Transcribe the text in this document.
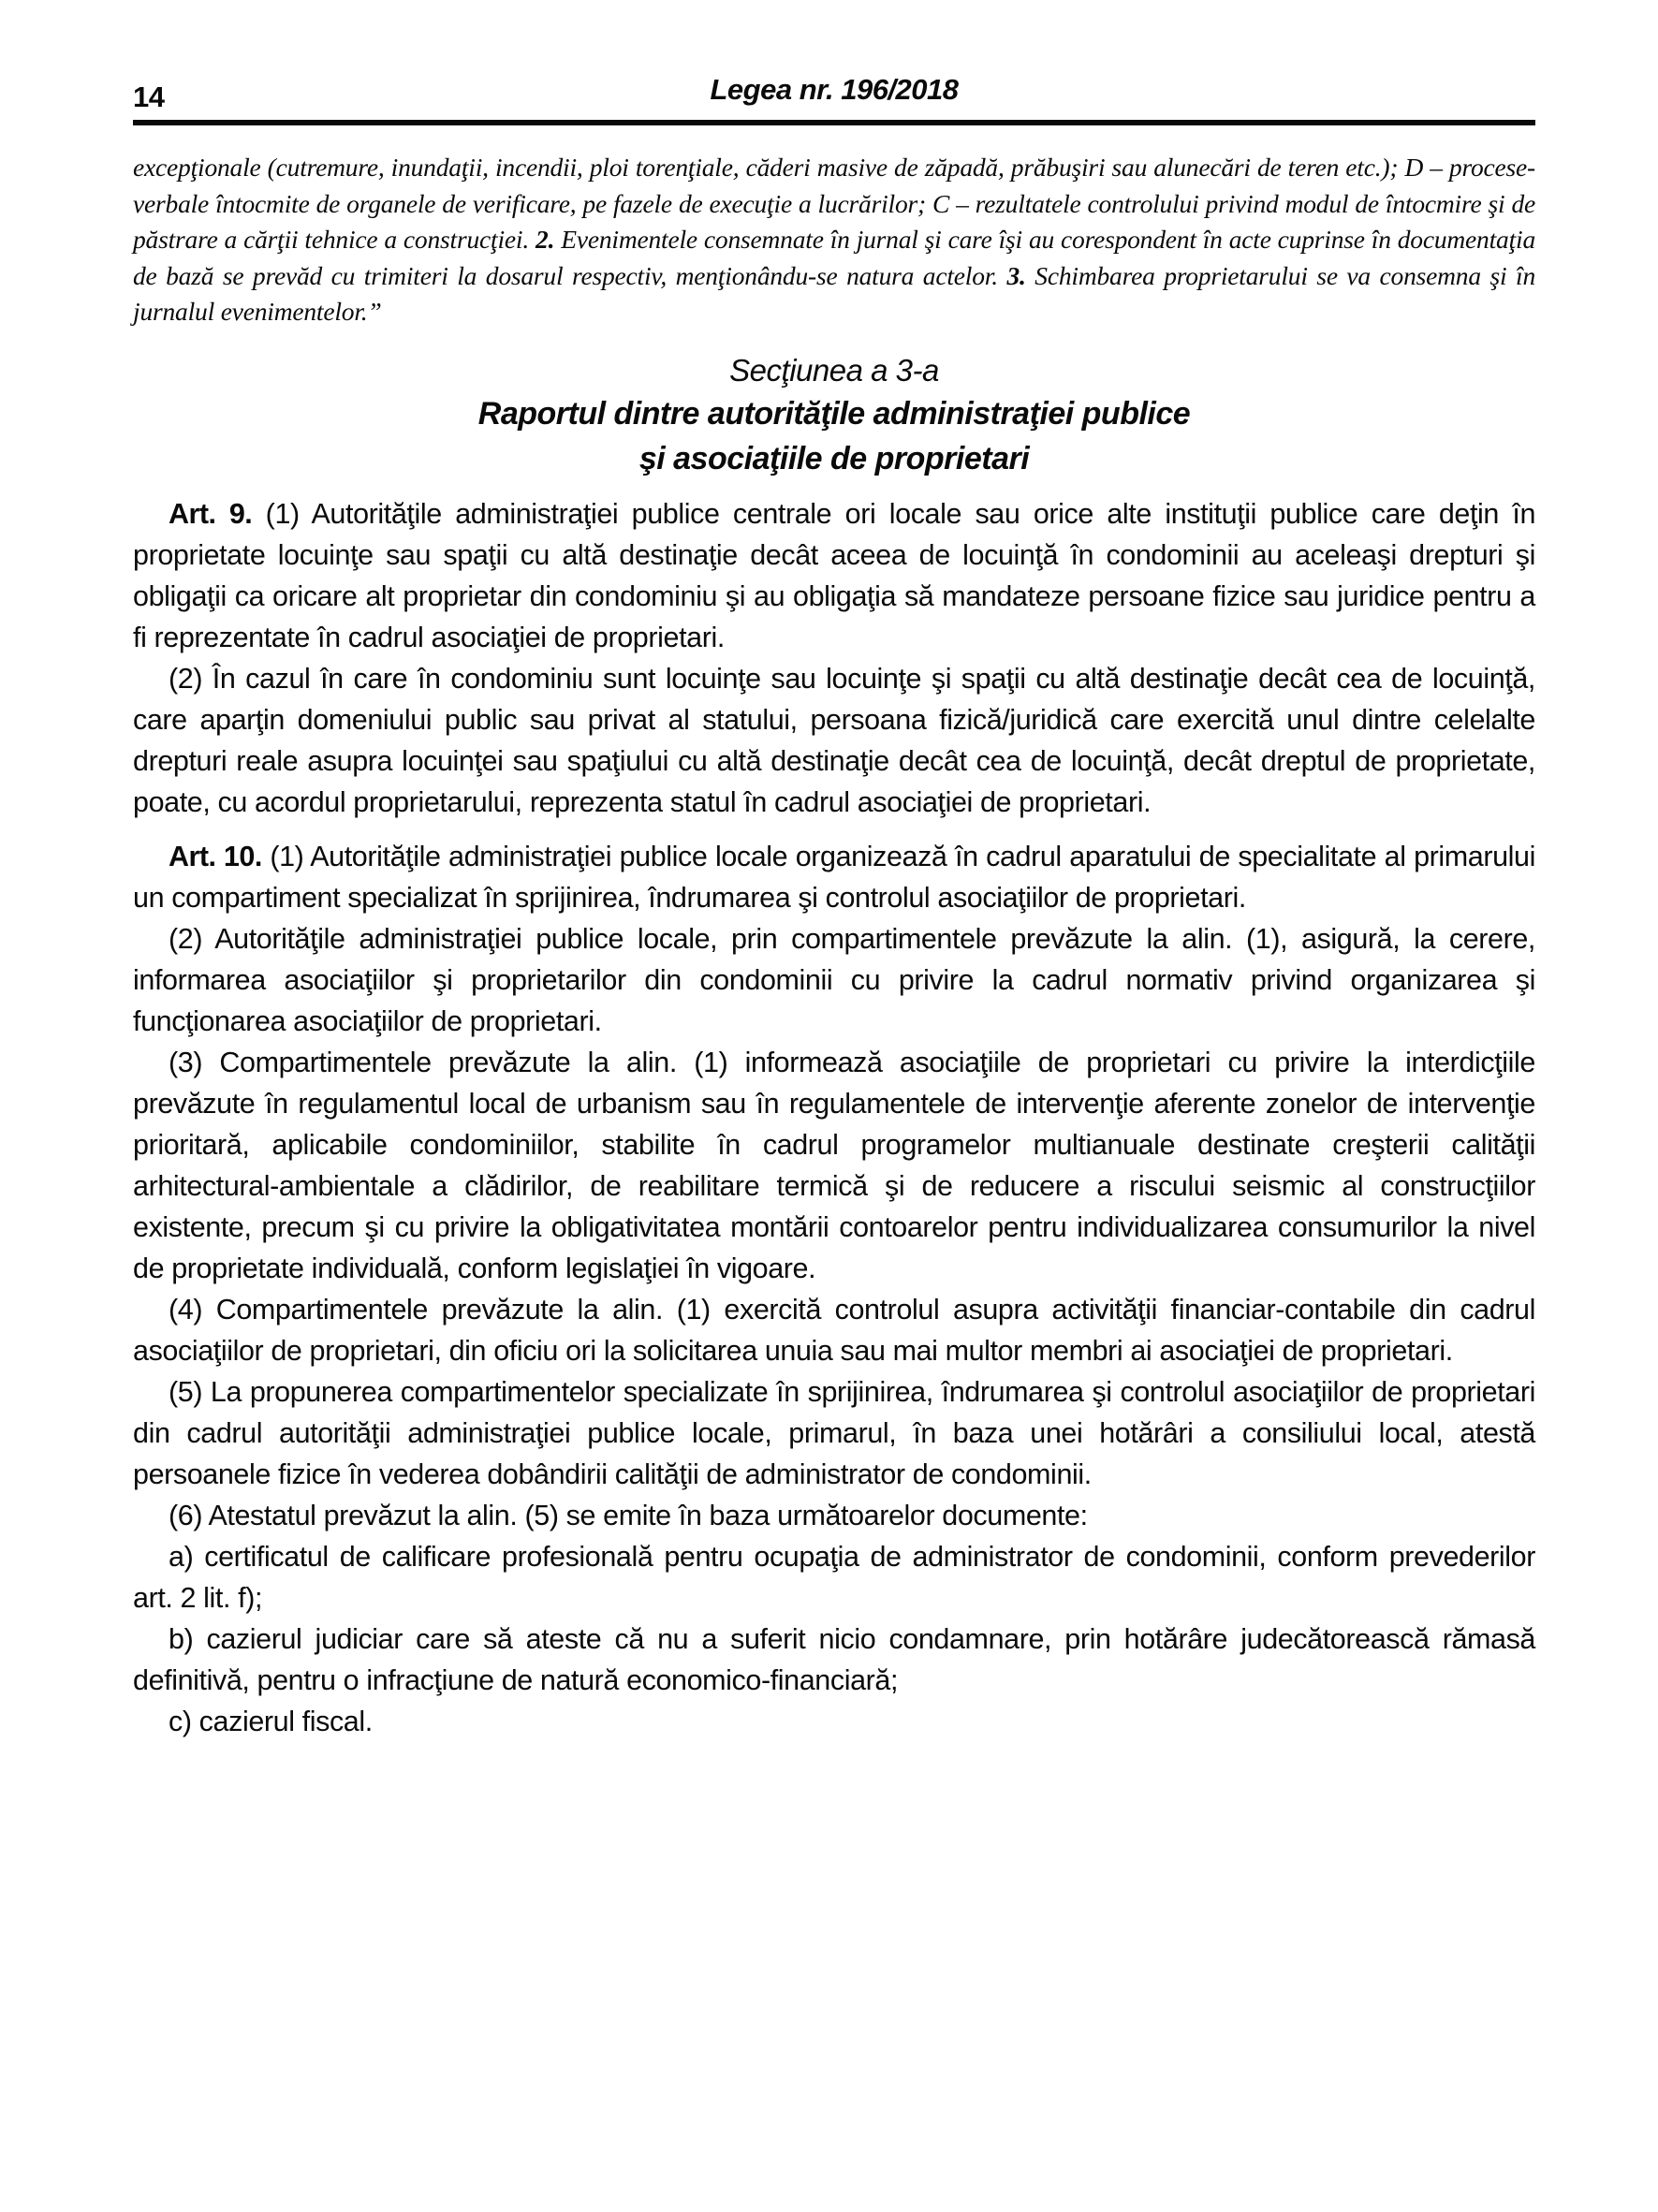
14	Legea nr. 196/2018

excepţionale (cutremure, inundaţii, incendii, ploi torenţiale, căderi masive de zăpadă, prăbuşiri sau alunecări de teren etc.); D – procese-verbale întocmite de organele de verificare, pe fazele de execuţie a lucrărilor; C – rezultatele controlului privind modul de întocmire şi de păstrare a cărţii tehnice a construcţiei. 2. Evenimentele consemnate în jurnal şi care îşi au corespondent în acte cuprinse în documentaţia de bază se prevăd cu trimiteri la dosarul respectiv, menţionându-se natura actelor. 3. Schimbarea proprietarului se va consemna şi în jurnalul evenimentelor.”

Secţiunea a 3-a
Raportul dintre autorităţile administraţiei publice
şi asociaţiile de proprietari

Art. 9. (1) Autorităţile administraţiei publice centrale ori locale sau orice alte instituţii publice care deţin în proprietate locuinţe sau spaţii cu altă destinaţie decât aceea de locuinţă în condominii au aceleaşi drepturi şi obligaţii ca oricare alt proprietar din condominiu şi au obligaţia să mandateze persoane fizice sau juridice pentru a fi reprezentate în cadrul asociaţiei de proprietari.

(2) În cazul în care în condominiu sunt locuinţe sau locuinţe şi spaţii cu altă destinaţie decât cea de locuinţă, care aparţin domeniului public sau privat al statului, persoana fizică/juridică care exercită unul dintre celelalte drepturi reale asupra locuinţei sau spaţiului cu altă destinaţie decât cea de locuinţă, decât dreptul de proprietate, poate, cu acordul proprietarului, reprezenta statul în cadrul asociaţiei de proprietari.

Art. 10. (1) Autorităţile administraţiei publice locale organizează în cadrul aparatului de specialitate al primarului un compartiment specializat în sprijinirea, îndrumarea şi controlul asociaţiilor de proprietari.

(2) Autorităţile administraţiei publice locale, prin compartimentele prevăzute la alin. (1), asigură, la cerere, informarea asociaţiilor şi proprietarilor din condominii cu privire la cadrul normativ privind organizarea şi funcţionarea asociaţiilor de proprietari.

(3) Compartimentele prevăzute la alin. (1) informează asociaţiile de proprietari cu privire la interdicţiile prevăzute în regulamentul local de urbanism sau în regulamentele de intervenţie aferente zonelor de intervenţie prioritară, aplicabile condominiilor, stabilite în cadrul programelor multianuale destinate creşterii calităţii arhitectural-ambientale a clădirilor, de reabilitare termică şi de reducere a riscului seismic al construcţiilor existente, precum şi cu privire la obligativitatea montării contoarelor pentru individualizarea consumurilor la nivel de proprietate individuală, conform legislaţiei în vigoare.

(4) Compartimentele prevăzute la alin. (1) exercită controlul asupra activităţii financiar-contabile din cadrul asociaţiilor de proprietari, din oficiu ori la solicitarea unuia sau mai multor membri ai asociaţiei de proprietari.

(5) La propunerea compartimentelor specializate în sprijinirea, îndrumarea şi controlul asociaţiilor de proprietari din cadrul autorităţii administraţiei publice locale, primarul, în baza unei hotărâri a consiliului local, atestă persoanele fizice în vederea dobândirii calităţii de administrator de condominii.

(6) Atestatul prevăzut la alin. (5) se emite în baza următoarelor documente:

a) certificatul de calificare profesională pentru ocupaţia de administrator de condominii, conform prevederilor art. 2 lit. f);

b) cazierul judiciar care să ateste că nu a suferit nicio condamnare, prin hotărâre judecătorească rămasă definitivă, pentru o infracţiune de natură economico-financiară;

c) cazierul fiscal.
